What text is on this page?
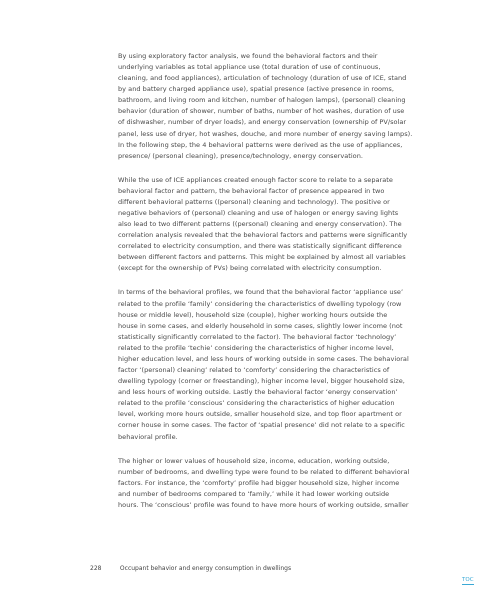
By using exploratory factor analysis, we found the behavioral factors and their
underlying variables as total appliance use (total duration of use of continuous,
cleaning, and food appliances), articulation of technology (duration of use of ICE, stand
by and battery charged appliance use), spatial presence (active presence in rooms,
bathroom, and living room and kitchen, number of halogen lamps), (personal) cleaning
behavior (duration of shower, number of baths, number of hot washes, duration of use
of dishwasher, number of dryer loads), and energy conservation (ownership of PV/solar
panel, less use of dryer, hot washes, douche, and more number of energy saving lamps).
In the following step, the 4 behavioral patterns were derived as the use of appliances,
presence/ (personal cleaning), presence/technology, energy conservation.
While the use of ICE appliances created enough factor score to relate to a separate
behavioral factor and pattern, the behavioral factor of presence appeared in two
different behavioral patterns ((personal) cleaning and technology). The positive or
negative behaviors of (personal) cleaning and use of halogen or energy saving lights
also lead to two different patterns ((personal) cleaning and energy conservation). The
correlation analysis revealed that the behavioral factors and patterns were significantly
correlated to electricity consumption, and there was statistically significant difference
between different factors and patterns. This might be explained by almost all variables
(except for the ownership of PVs) being correlated with electricity consumption.
In terms of the behavioral profiles, we found that the behavioral factor ‘appliance use’
related to the profile ‘family’ considering the characteristics of dwelling typology (row
house or middle level), household size (couple), higher working hours outside the
house in some cases, and elderly household in some cases, slightly lower income (not
statistically significantly correlated to the factor). The behavioral factor ‘technology’
related to the profile ‘techie’ considering the characteristics of higher income level,
higher education level, and less hours of working outside in some cases. The behavioral
factor ‘(personal) cleaning’ related to ‘comforty’ considering the characteristics of
dwelling typology (corner or freestanding), higher income level, bigger household size,
and less hours of working outside. Lastly the behavioral factor ‘energy conservation’
related to the profile ‘conscious’ considering the characteristics of higher education
level, working more hours outside, smaller household size, and top floor apartment or
corner house in some cases. The factor of ‘spatial presence’ did not relate to a specific
behavioral profile.
The higher or lower values of household size, income, education, working outside,
number of bedrooms, and dwelling type were found to be related to different behavioral
factors. For instance, the ‘comforty’ profile had bigger household size, higher income
and number of bedrooms compared to ‘family,’ while it had lower working outside
hours. The ‘conscious’ profile was found to have more hours of working outside, smaller
228	Occupant behavior and energy consumption in dwellings
TOC
